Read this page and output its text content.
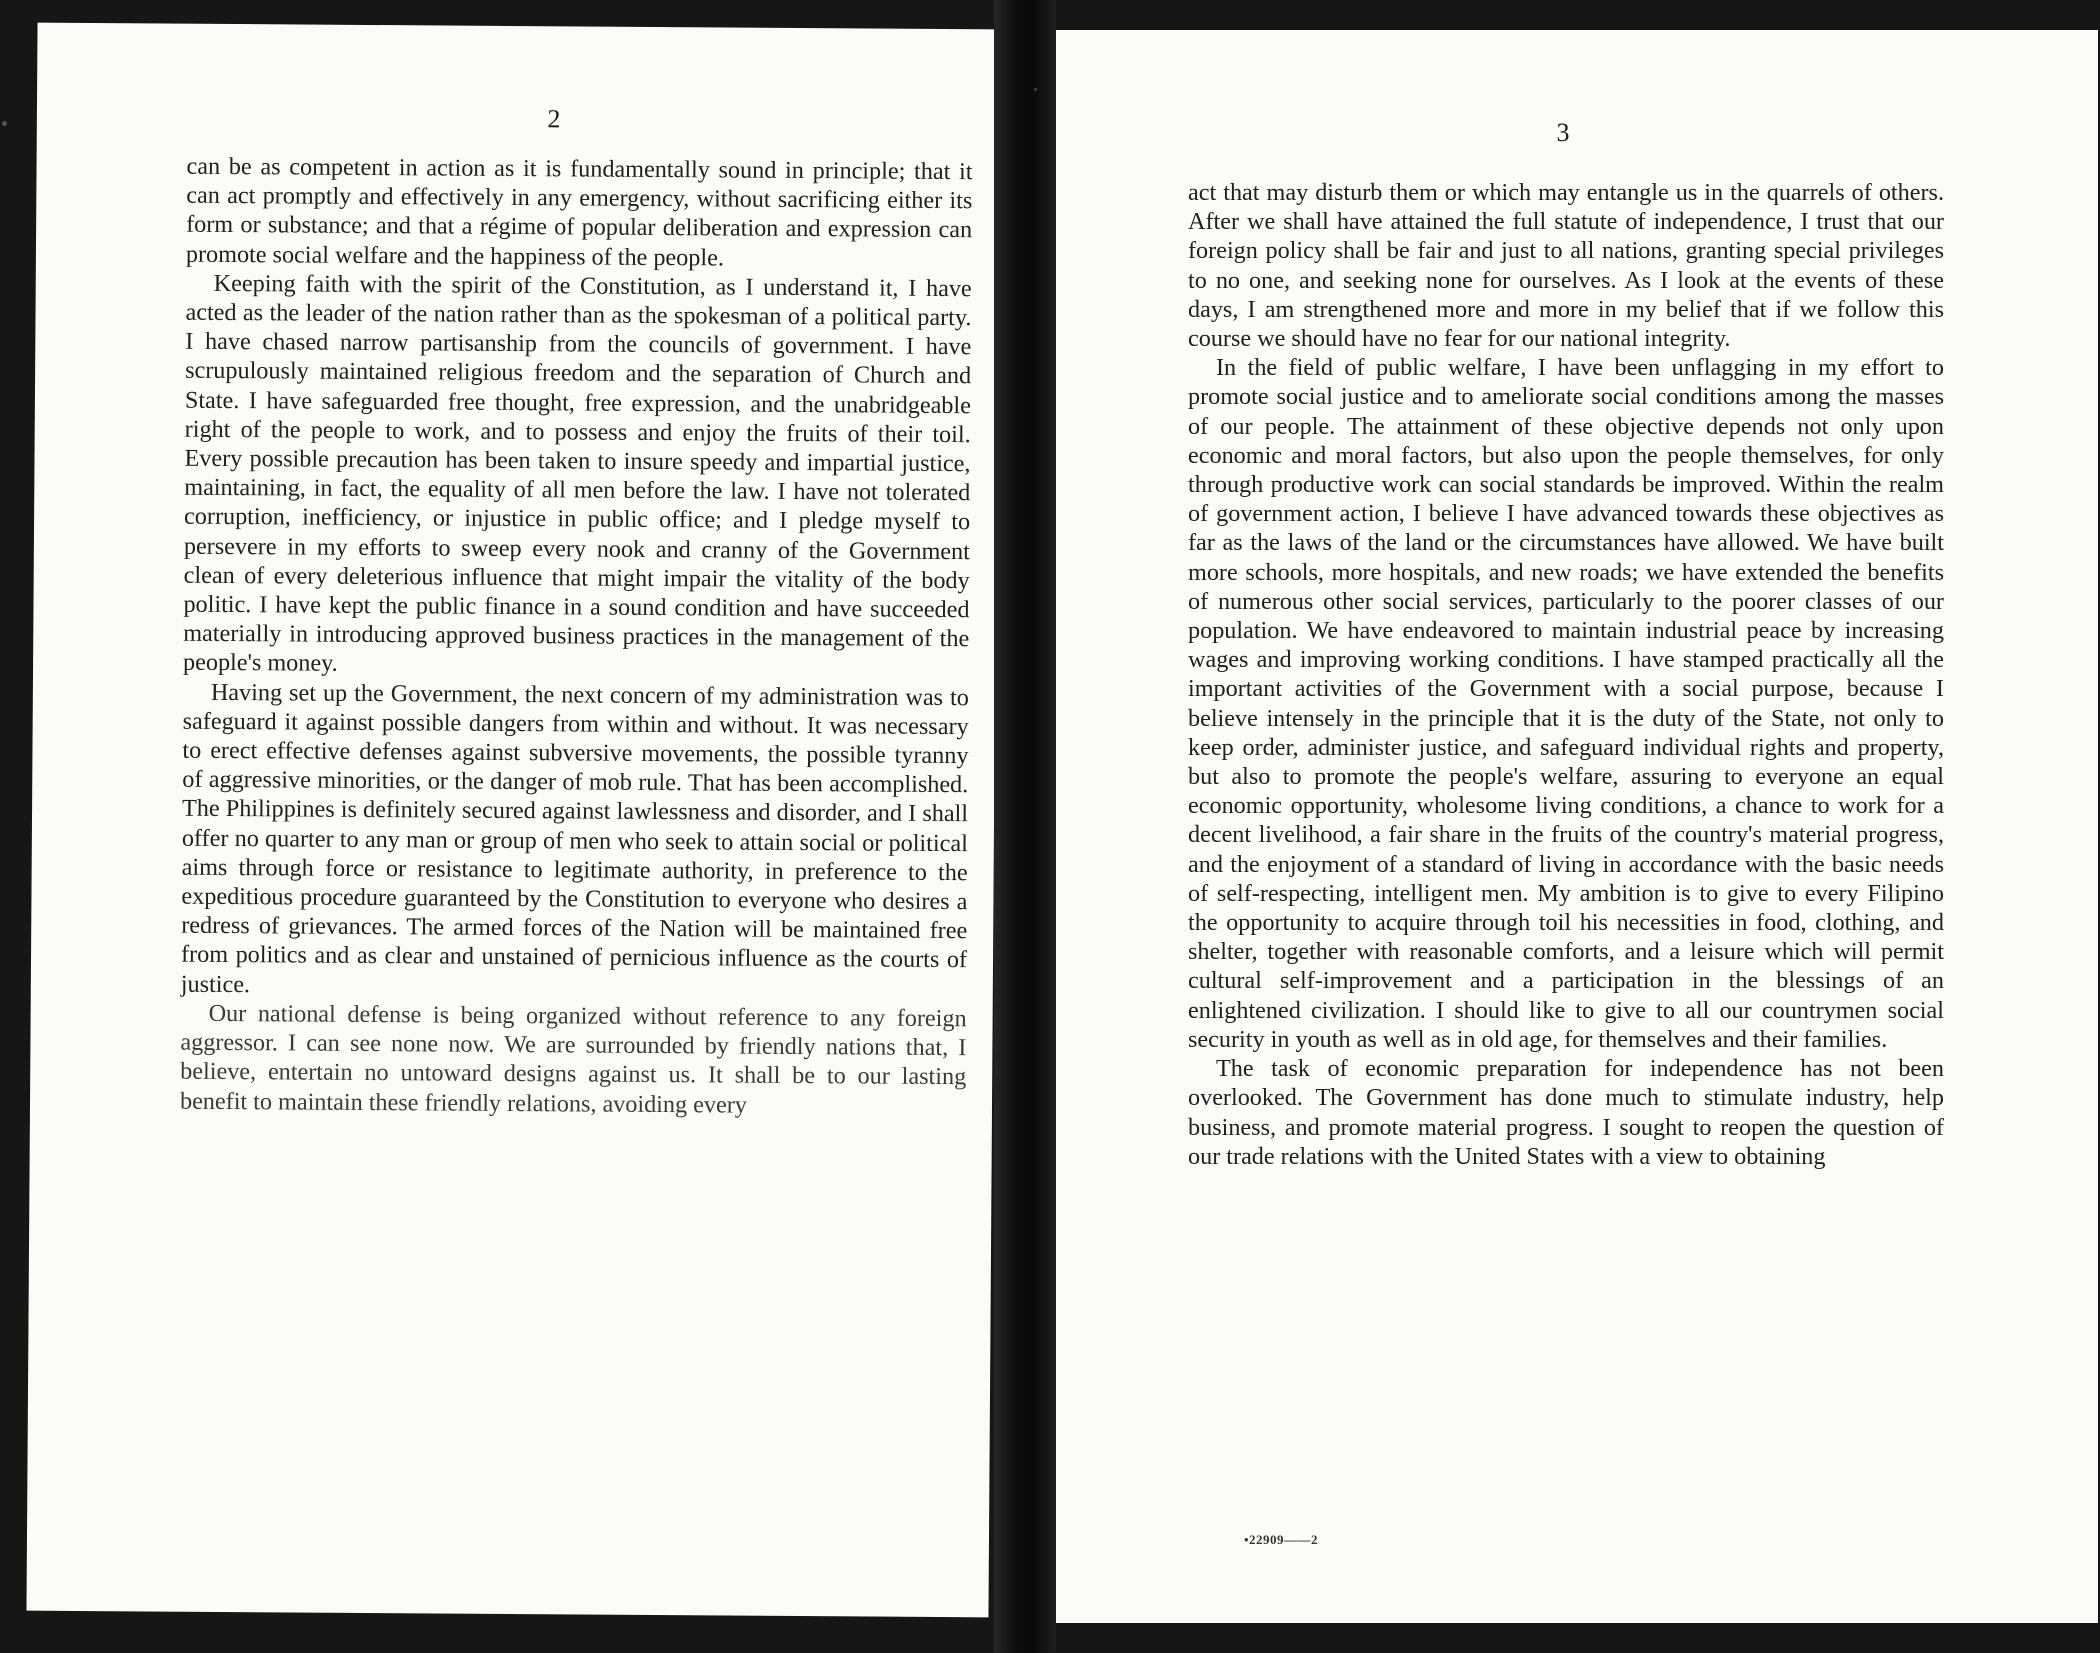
2

can be as competent in action as it is fundamentally sound in principle; that it can act promptly and effectively in any emergency, without sacrificing either its form or substance; and that a régime of popular deliberation and expression can promote social welfare and the happiness of the people.

Keeping faith with the spirit of the Constitution, as I understand it, I have acted as the leader of the nation rather than as the spokesman of a political party. I have chased narrow partisanship from the councils of government. I have scrupulously maintained religious freedom and the separation of Church and State. I have safeguarded free thought, free expression, and the unabridgeable right of the people to work, and to possess and enjoy the fruits of their toil. Every possible precaution has been taken to insure speedy and impartial justice, maintaining, in fact, the equality of all men before the law. I have not tolerated corruption, inefficiency, or injustice in public office; and I pledge myself to persevere in my efforts to sweep every nook and cranny of the Government clean of every deleterious influence that might impair the vitality of the body politic. I have kept the public finance in a sound condition and have succeeded materially in introducing approved business practices in the management of the people's money.

Having set up the Government, the next concern of my administration was to safeguard it against possible dangers from within and without. It was necessary to erect effective defenses against subversive movements, the possible tyranny of aggressive minorities, or the danger of mob rule. That has been accomplished. The Philippines is definitely secured against lawlessness and disorder, and I shall offer no quarter to any man or group of men who seek to attain social or political aims through force or resistance to legitimate authority, in preference to the expeditious procedure guaranteed by the Constitution to everyone who desires a redress of grievances. The armed forces of the Nation will be maintained free from politics and as clear and unstained of pernicious influence as the courts of justice.

Our national defense is being organized without reference to any foreign aggressor. I can see none now. We are surrounded by friendly nations that, I believe, entertain no untoward designs against us. It shall be to our lasting benefit to maintain these friendly relations, avoiding every

3

act that may disturb them or which may entangle us in the quarrels of others. After we shall have attained the full statute of independence, I trust that our foreign policy shall be fair and just to all nations, granting special privileges to no one, and seeking none for ourselves. As I look at the events of these days, I am strengthened more and more in my belief that if we follow this course we should have no fear for our national integrity.

In the field of public welfare, I have been unflagging in my effort to promote social justice and to ameliorate social conditions among the masses of our people. The attainment of these objective depends not only upon economic and moral factors, but also upon the people themselves, for only through productive work can social standards be improved. Within the realm of government action, I believe I have advanced towards these objectives as far as the laws of the land or the circumstances have allowed. We have built more schools, more hospitals, and new roads; we have extended the benefits of numerous other social services, particularly to the poorer classes of our population. We have endeavored to maintain industrial peace by increasing wages and improving working conditions. I have stamped practically all the important activities of the Government with a social purpose, because I believe intensely in the principle that it is the duty of the State, not only to keep order, administer justice, and safeguard individual rights and property, but also to promote the people's welfare, assuring to everyone an equal economic opportunity, wholesome living conditions, a chance to work for a decent livelihood, a fair share in the fruits of the country's material progress, and the enjoyment of a standard of living in accordance with the basic needs of self-respecting, intelligent men. My ambition is to give to every Filipino the opportunity to acquire through toil his necessities in food, clothing, and shelter, together with reasonable comforts, and a leisure which will permit cultural self-improvement and a participation in the blessings of an enlightened civilization. I should like to give to all our countrymen social security in youth as well as in old age, for themselves and their families.

The task of economic preparation for independence has not been overlooked. The Government has done much to stimulate industry, help business, and promote material progress. I sought to reopen the question of our trade relations with the United States with a view to obtaining

•22909——2
